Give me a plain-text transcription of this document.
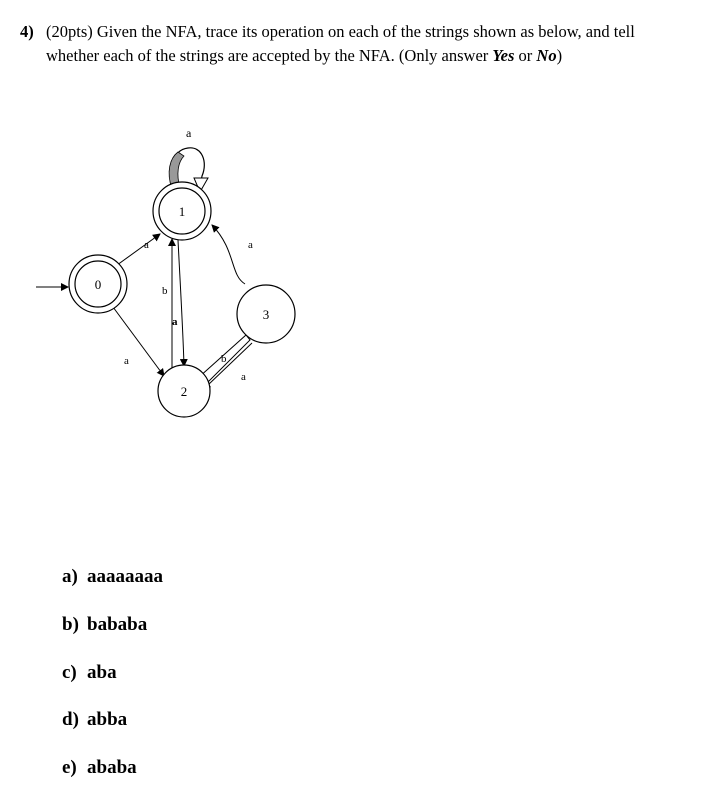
4) (20pts) Given the NFA, trace its operation on each of the strings shown as below, and tell
whether each of the strings are accepted by the NFA. (Only answer Yes or No)
a
a
a
b
a
a
b
a
0
1
2
3
a) aaaaaaaa
b) bababa
c) aba
d) abba
e) ababa
